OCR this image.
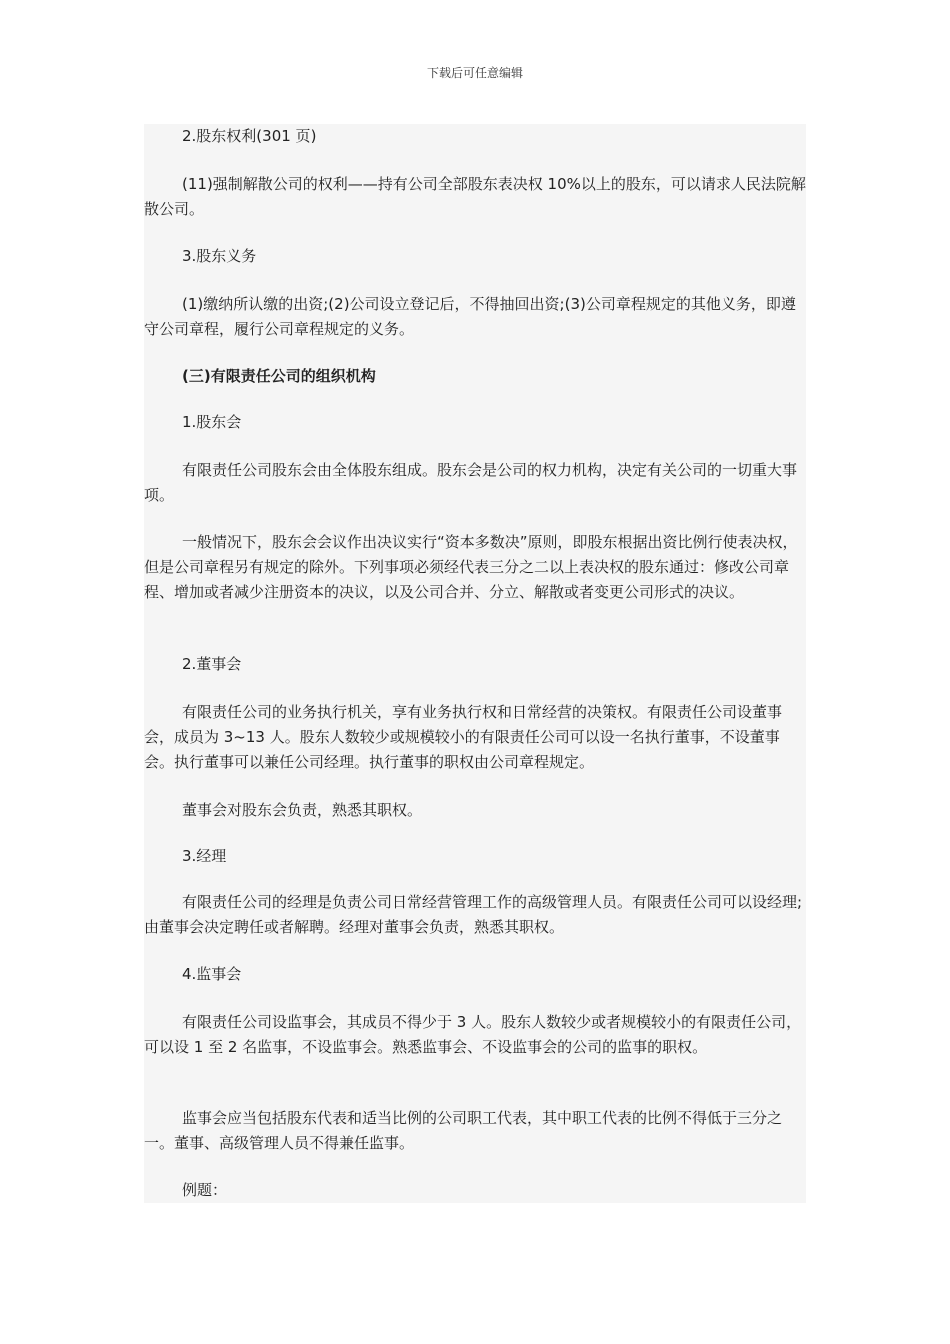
下载后可任意编辑

2.股东权利(301 页)

(11)强制解散公司的权利——持有公司全部股东表决权 10%以上的股东，可以请求人民法院解散公司。

3.股东义务

(1)缴纳所认缴的出资;(2)公司设立登记后，不得抽回出资;(3)公司章程规定的其他义务，即遵守公司章程，履行公司章程规定的义务。

(三)有限责任公司的组织机构

1.股东会

有限责任公司股东会由全体股东组成。股东会是公司的权力机构，决定有关公司的一切重大事项。

一般情况下，股东会会议作出决议实行“资本多数决”原则，即股东根据出资比例行使表决权，但是公司章程另有规定的除外。下列事项必须经代表三分之二以上表决权的股东通过：修改公司章程、增加或者减少注册资本的决议，以及公司合并、分立、解散或者变更公司形式的决议。

2.董事会

有限责任公司的业务执行机关，享有业务执行权和日常经营的决策权。有限责任公司设董事会，成员为 3~13 人。股东人数较少或规模较小的有限责任公司可以设一名执行董事，不设董事会。执行董事可以兼任公司经理。执行董事的职权由公司章程规定。

董事会对股东会负责，熟悉其职权。

3.经理

有限责任公司的经理是负责公司日常经营管理工作的高级管理人员。有限责任公司可以设经理;由董事会决定聘任或者解聘。经理对董事会负责，熟悉其职权。

4.监事会

有限责任公司设监事会，其成员不得少于 3 人。股东人数较少或者规模较小的有限责任公司，可以设 1 至 2 名监事，不设监事会。熟悉监事会、不设监事会的公司的监事的职权。

监事会应当包括股东代表和适当比例的公司职工代表，其中职工代表的比例不得低于三分之一。董事、高级管理人员不得兼任监事。

例题：
